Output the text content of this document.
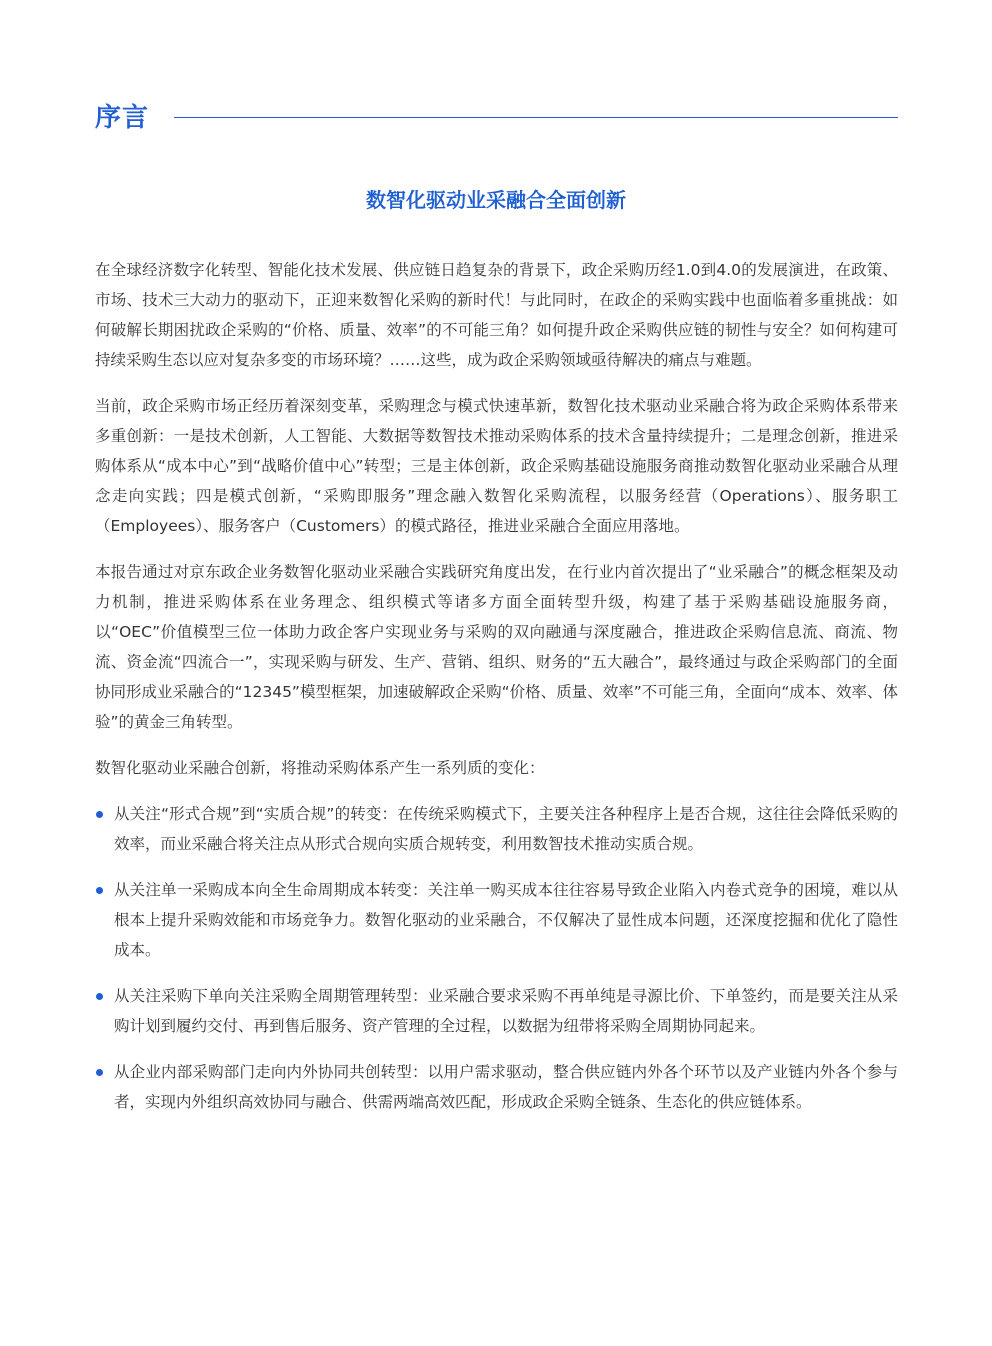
序言
数智化驱动业采融合全面创新

在全球经济数字化转型、智能化技术发展、供应链日趋复杂的背景下，政企采购历经1.0到4.0的发展演进，在政策、市场、技术三大动力的驱动下，正迎来数智化采购的新时代！与此同时，在政企的采购实践中也面临着多重挑战：如何破解长期困扰政企采购的“价格、质量、效率”的不可能三角？如何提升政企采购供应链的韧性与安全？如何构建可持续采购生态以应对复杂多变的市场环境？……这些，成为政企采购领域亟待解决的痛点与难题。

当前，政企采购市场正经历着深刻变革，采购理念与模式快速革新，数智化技术驱动业采融合将为政企采购体系带来多重创新：一是技术创新，人工智能、大数据等数智技术推动采购体系的技术含量持续提升；二是理念创新，推进采购体系从“成本中心”到“战略价值中心”转型；三是主体创新，政企采购基础设施服务商推动数智化驱动业采融合从理念走向实践；四是模式创新，“采购即服务”理念融入数智化采购流程，以服务经营（Operations）、服务职工（Employees）、服务客户（Customers）的模式路径，推进业采融合全面应用落地。

本报告通过对京东政企业务数智化驱动业采融合实践研究角度出发，在行业内首次提出了“业采融合”的概念框架及动力机制，推进采购体系在业务理念、组织模式等诸多方面全面转型升级，构建了基于采购基础设施服务商，以“OEC”价值模型三位一体助力政企客户实现业务与采购的双向融通与深度融合，推进政企采购信息流、商流、物流、资金流“四流合一”，实现采购与研发、生产、营销、组织、财务的“五大融合”，最终通过与政企采购部门的全面协同形成业采融合的“12345”模型框架，加速破解政企采购“价格、质量、效率”不可能三角，全面向“成本、效率、体验”的黄金三角转型。

数智化驱动业采融合创新，将推动采购体系产生一系列质的变化：

从关注“形式合规”到“实质合规”的转变：在传统采购模式下，主要关注各种程序上是否合规，这往往会降低采购的效率，而业采融合将关注点从形式合规向实质合规转变，利用数智技术推动实质合规。
从关注单一采购成本向全生命周期成本转变：关注单一购买成本往往容易导致企业陷入内卷式竞争的困境，难以从根本上提升采购效能和市场竞争力。数智化驱动的业采融合，不仅解决了显性成本问题，还深度挖掘和优化了隐性成本。
从关注采购下单向关注采购全周期管理转型：业采融合要求采购不再单纯是寻源比价、下单签约，而是要关注从采购计划到履约交付、再到售后服务、资产管理的全过程，以数据为纽带将采购全周期协同起来。
从企业内部采购部门走向内外协同共创转型：以用户需求驱动，整合供应链内外各个环节以及产业链内外各个参与者，实现内外组织高效协同与融合、供需两端高效匹配，形成政企采购全链条、生态化的供应链体系。
